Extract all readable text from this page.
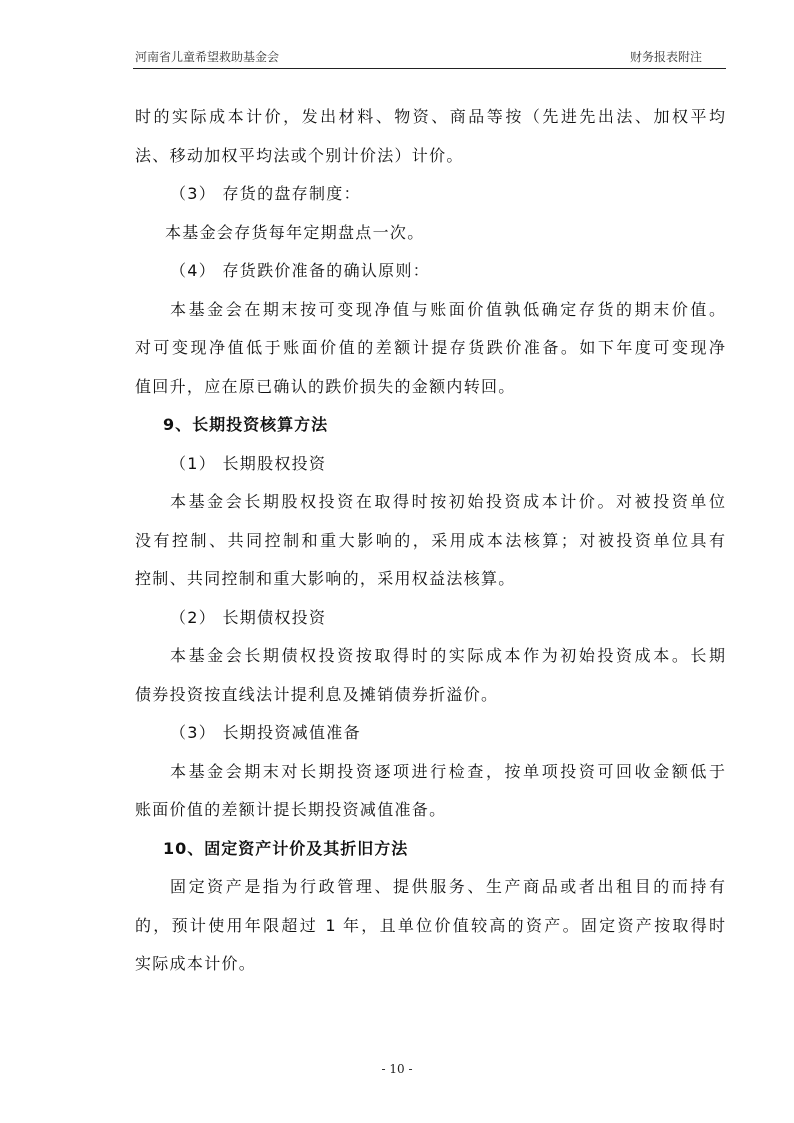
河南省儿童希望救助基金会	财务报表附注
时的实际成本计价，发出材料、物资、商品等按（先进先出法、加权平均
法、移动加权平均法或个别计价法）计价。
（3） 存货的盘存制度：
本基金会存货每年定期盘点一次。
（4） 存货跌价准备的确认原则：
本基金会在期末按可变现净值与账面价值孰低确定存货的期末价值。
对可变现净值低于账面价值的差额计提存货跌价准备。如下年度可变现净
值回升，应在原已确认的跌价损失的金额内转回。
9、长期投资核算方法
（1） 长期股权投资
本基金会长期股权投资在取得时按初始投资成本计价。对被投资单位
没有控制、共同控制和重大影响的，采用成本法核算；对被投资单位具有
控制、共同控制和重大影响的，采用权益法核算。
（2） 长期债权投资
本基金会长期债权投资按取得时的实际成本作为初始投资成本。长期
债券投资按直线法计提利息及摊销债券折溢价。
（3） 长期投资减值准备
本基金会期末对长期投资逐项进行检查，按单项投资可回收金额低于
账面价值的差额计提长期投资减值准备。
10、固定资产计价及其折旧方法
固定资产是指为行政管理、提供服务、生产商品或者出租目的而持有
的，预计使用年限超过 1 年，且单位价值较高的资产。固定资产按取得时
实际成本计价。
- 10 -
